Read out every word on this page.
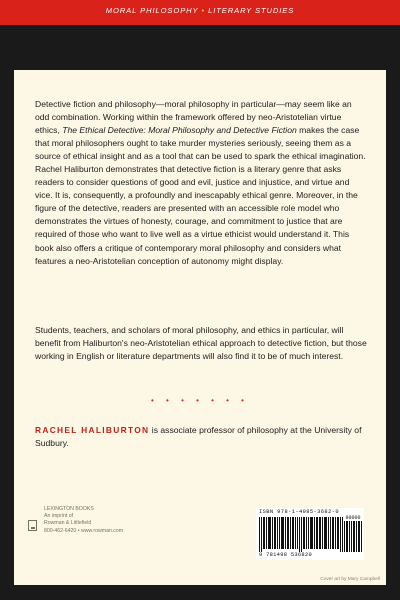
MORAL PHILOSOPHY • LITERARY STUDIES

Detective fiction and philosophy—moral philosophy in particular—may seem like an odd combination. Working within the framework offered by neo-Aristotelian virtue ethics, The Ethical Detective: Moral Philosophy and Detective Fiction makes the case that moral philosophers ought to take murder mysteries seriously, seeing them as a source of ethical insight and as a tool that can be used to spark the ethical imagination. Rachel Haliburton demonstrates that detective fiction is a literary genre that asks readers to consider questions of good and evil, justice and injustice, and virtue and vice. It is, consequently, a profoundly and inescapably ethical genre. Moreover, in the figure of the detective, readers are presented with an accessible role model who demonstrates the virtues of honesty, courage, and commitment to justice that are required of those who want to live well as a virtue ethicist would understand it. This book also offers a critique of contemporary moral philosophy and considers what features a neo-Aristotelian conception of autonomy might display.

Students, teachers, and scholars of moral philosophy, and ethics in particular, will benefit from Haliburton's neo-Aristotelian ethical approach to detective fiction, but those working in English or literature departments will also find it to be of much interest.

• • • • • • •

RACHEL HALIBURTON is associate professor of philosophy at the University of Sudbury.

LEXINGTON BOOKS
An imprint of
Rowman & Littlefield
800-462-6420 • www.rowman.com
ISBN 978-1-4985-3682-0
90000
9 781498 536820
Cover art by Mary Campbell
